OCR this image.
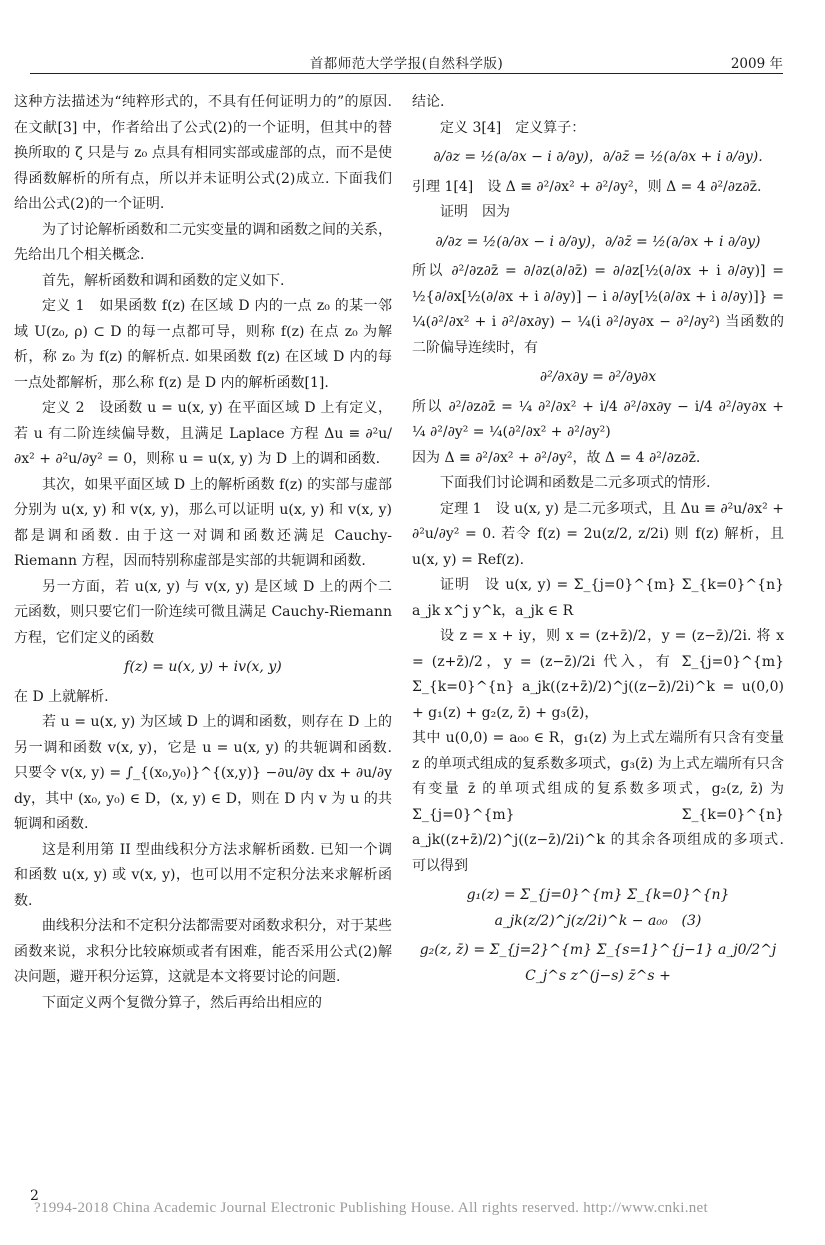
首都师范大学学报(自然科学版)	2009 年

这种方法描述为“纯粹形式的，不具有任何证明力的”的原因. 在文献[3] 中，作者给出了公式(2)的一个证明，但其中的替换所取的 ζ 只是与 z₀ 点具有相同实部或虚部的点，而不是使得函数解析的所有点，所以并未证明公式(2)成立. 下面我们给出公式(2)的一个证明.

为了讨论解析函数和二元实变量的调和函数之间的关系，先给出几个相关概念.

首先，解析函数和调和函数的定义如下.

定义 1　如果函数 f(z) 在区域 D 内的一点 z₀ 的某一邻域 U(z₀, ρ) ⊂ D 的每一点都可导，则称 f(z) 在点 z₀ 为解析，称 z₀ 为 f(z) 的解析点. 如果函数 f(z) 在区域 D 内的每一点处都解析，那么称 f(z) 是 D 内的解析函数[1].

定义 2　设函数 u = u(x, y) 在平面区域 D 上有定义，若 u 有二阶连续偏导数，且满足 Laplace 方程 Δu ≡ ∂²u/∂x² + ∂²u/∂y² = 0，则称 u = u(x, y) 为 D 上的调和函数.

其次，如果平面区域 D 上的解析函数 f(z) 的实部与虚部分别为 u(x, y) 和 v(x, y)，那么可以证明 u(x, y) 和 v(x, y) 都是调和函数. 由于这一对调和函数还满足 Cauchy-Riemann 方程，因而特别称虚部是实部的共轭调和函数.

另一方面，若 u(x, y) 与 v(x, y) 是区域 D 上的两个二元函数，则只要它们一阶连续可微且满足 Cauchy-Riemann 方程，它们定义的函数

f(z) = u(x, y) + iv(x, y)

在 D 上就解析.

若 u = u(x, y) 为区域 D 上的调和函数，则存在 D 上的另一调和函数 v(x, y)，它是 u = u(x, y) 的共轭调和函数. 只要令 v(x, y) = ∫_{(x₀,y₀)}^{(x,y)} −∂u/∂y dx + ∂u/∂y dy，其中 (x₀, y₀) ∈ D，(x, y) ∈ D，则在 D 内 v 为 u 的共轭调和函数.

这是利用第 II 型曲线积分方法求解析函数. 已知一个调和函数 u(x, y) 或 v(x, y)，也可以用不定积分法来求解析函数.

曲线积分法和不定积分法都需要对函数求积分，对于某些函数来说，求积分比较麻烦或者有困难，能否采用公式(2)解决问题，避开积分运算，这就是本文将要讨论的问题.

下面定义两个复微分算子，然后再给出相应的

结论.

定义 3[4]　定义算子：

∂/∂z = ½(∂/∂x − i ∂/∂y)，∂/∂z̄ = ½(∂/∂x + i ∂/∂y).

引理 1[4]　设 Δ ≡ ∂²/∂x² + ∂²/∂y²，则 Δ = 4 ∂²/∂z∂z̄.

证明　因为

∂/∂z = ½(∂/∂x − i ∂/∂y)，∂/∂z̄ = ½(∂/∂x + i ∂/∂y)

所以 ∂²/∂z∂z̄ = ∂/∂z(∂/∂z̄) = ∂/∂z[½(∂/∂x + i ∂/∂y)] = ½{∂/∂x[½(∂/∂x + i ∂/∂y)] − i ∂/∂y[½(∂/∂x + i ∂/∂y)]} = ¼(∂²/∂x² + i ∂²/∂x∂y) − ¼(i ∂²/∂y∂x − ∂²/∂y²) 当函数的二阶偏导连续时，有

∂²/∂x∂y = ∂²/∂y∂x

所以 ∂²/∂z∂z̄ = ¼ ∂²/∂x² + i/4 ∂²/∂x∂y − i/4 ∂²/∂y∂x + ¼ ∂²/∂y² = ¼(∂²/∂x² + ∂²/∂y²)

因为 Δ ≡ ∂²/∂x² + ∂²/∂y²，故 Δ = 4 ∂²/∂z∂z̄.

下面我们讨论调和函数是二元多项式的情形.

定理 1　设 u(x, y) 是二元多项式，且 Δu ≡ ∂²u/∂x² + ∂²u/∂y² = 0. 若令 f(z) = 2u(z/2, z/2i) 则 f(z) 解析，且 u(x, y) = Ref(z).

证明　设 u(x, y) = Σ_{j=0}^{m} Σ_{k=0}^{n} a_jk x^j y^k，a_jk ∈ R

设 z = x + iy，则 x = (z+z̄)/2，y = (z−z̄)/2i. 将 x = (z+z̄)/2，y = (z−z̄)/2i 代入，有 Σ_{j=0}^{m} Σ_{k=0}^{n} a_jk((z+z̄)/2)^j((z−z̄)/2i)^k = u(0,0) + g₁(z) + g₂(z, z̄) + g₃(z̄)，

其中 u(0,0) = a₀₀ ∈ R，g₁(z) 为上式左端所有只含有变量 z 的单项式组成的复系数多项式，g₃(z̄) 为上式左端所有只含有变量 z̄ 的单项式组成的复系数多项式，g₂(z, z̄) 为 Σ_{j=0}^{m} Σ_{k=0}^{n} a_jk((z+z̄)/2)^j((z−z̄)/2i)^k 的其余各项组成的多项式. 可以得到

g₁(z) = Σ_{j=0}^{m} Σ_{k=0}^{n} a_jk(z/2)^j(z/2i)^k − a₀₀　(3)

g₂(z, z̄) = Σ_{j=2}^{m} Σ_{s=1}^{j−1} a_j0/2^j C_j^s z^(j−s) z̄^s +

2
?1994-2018 China Academic Journal Electronic Publishing House. All rights reserved. http://www.cnki.net
